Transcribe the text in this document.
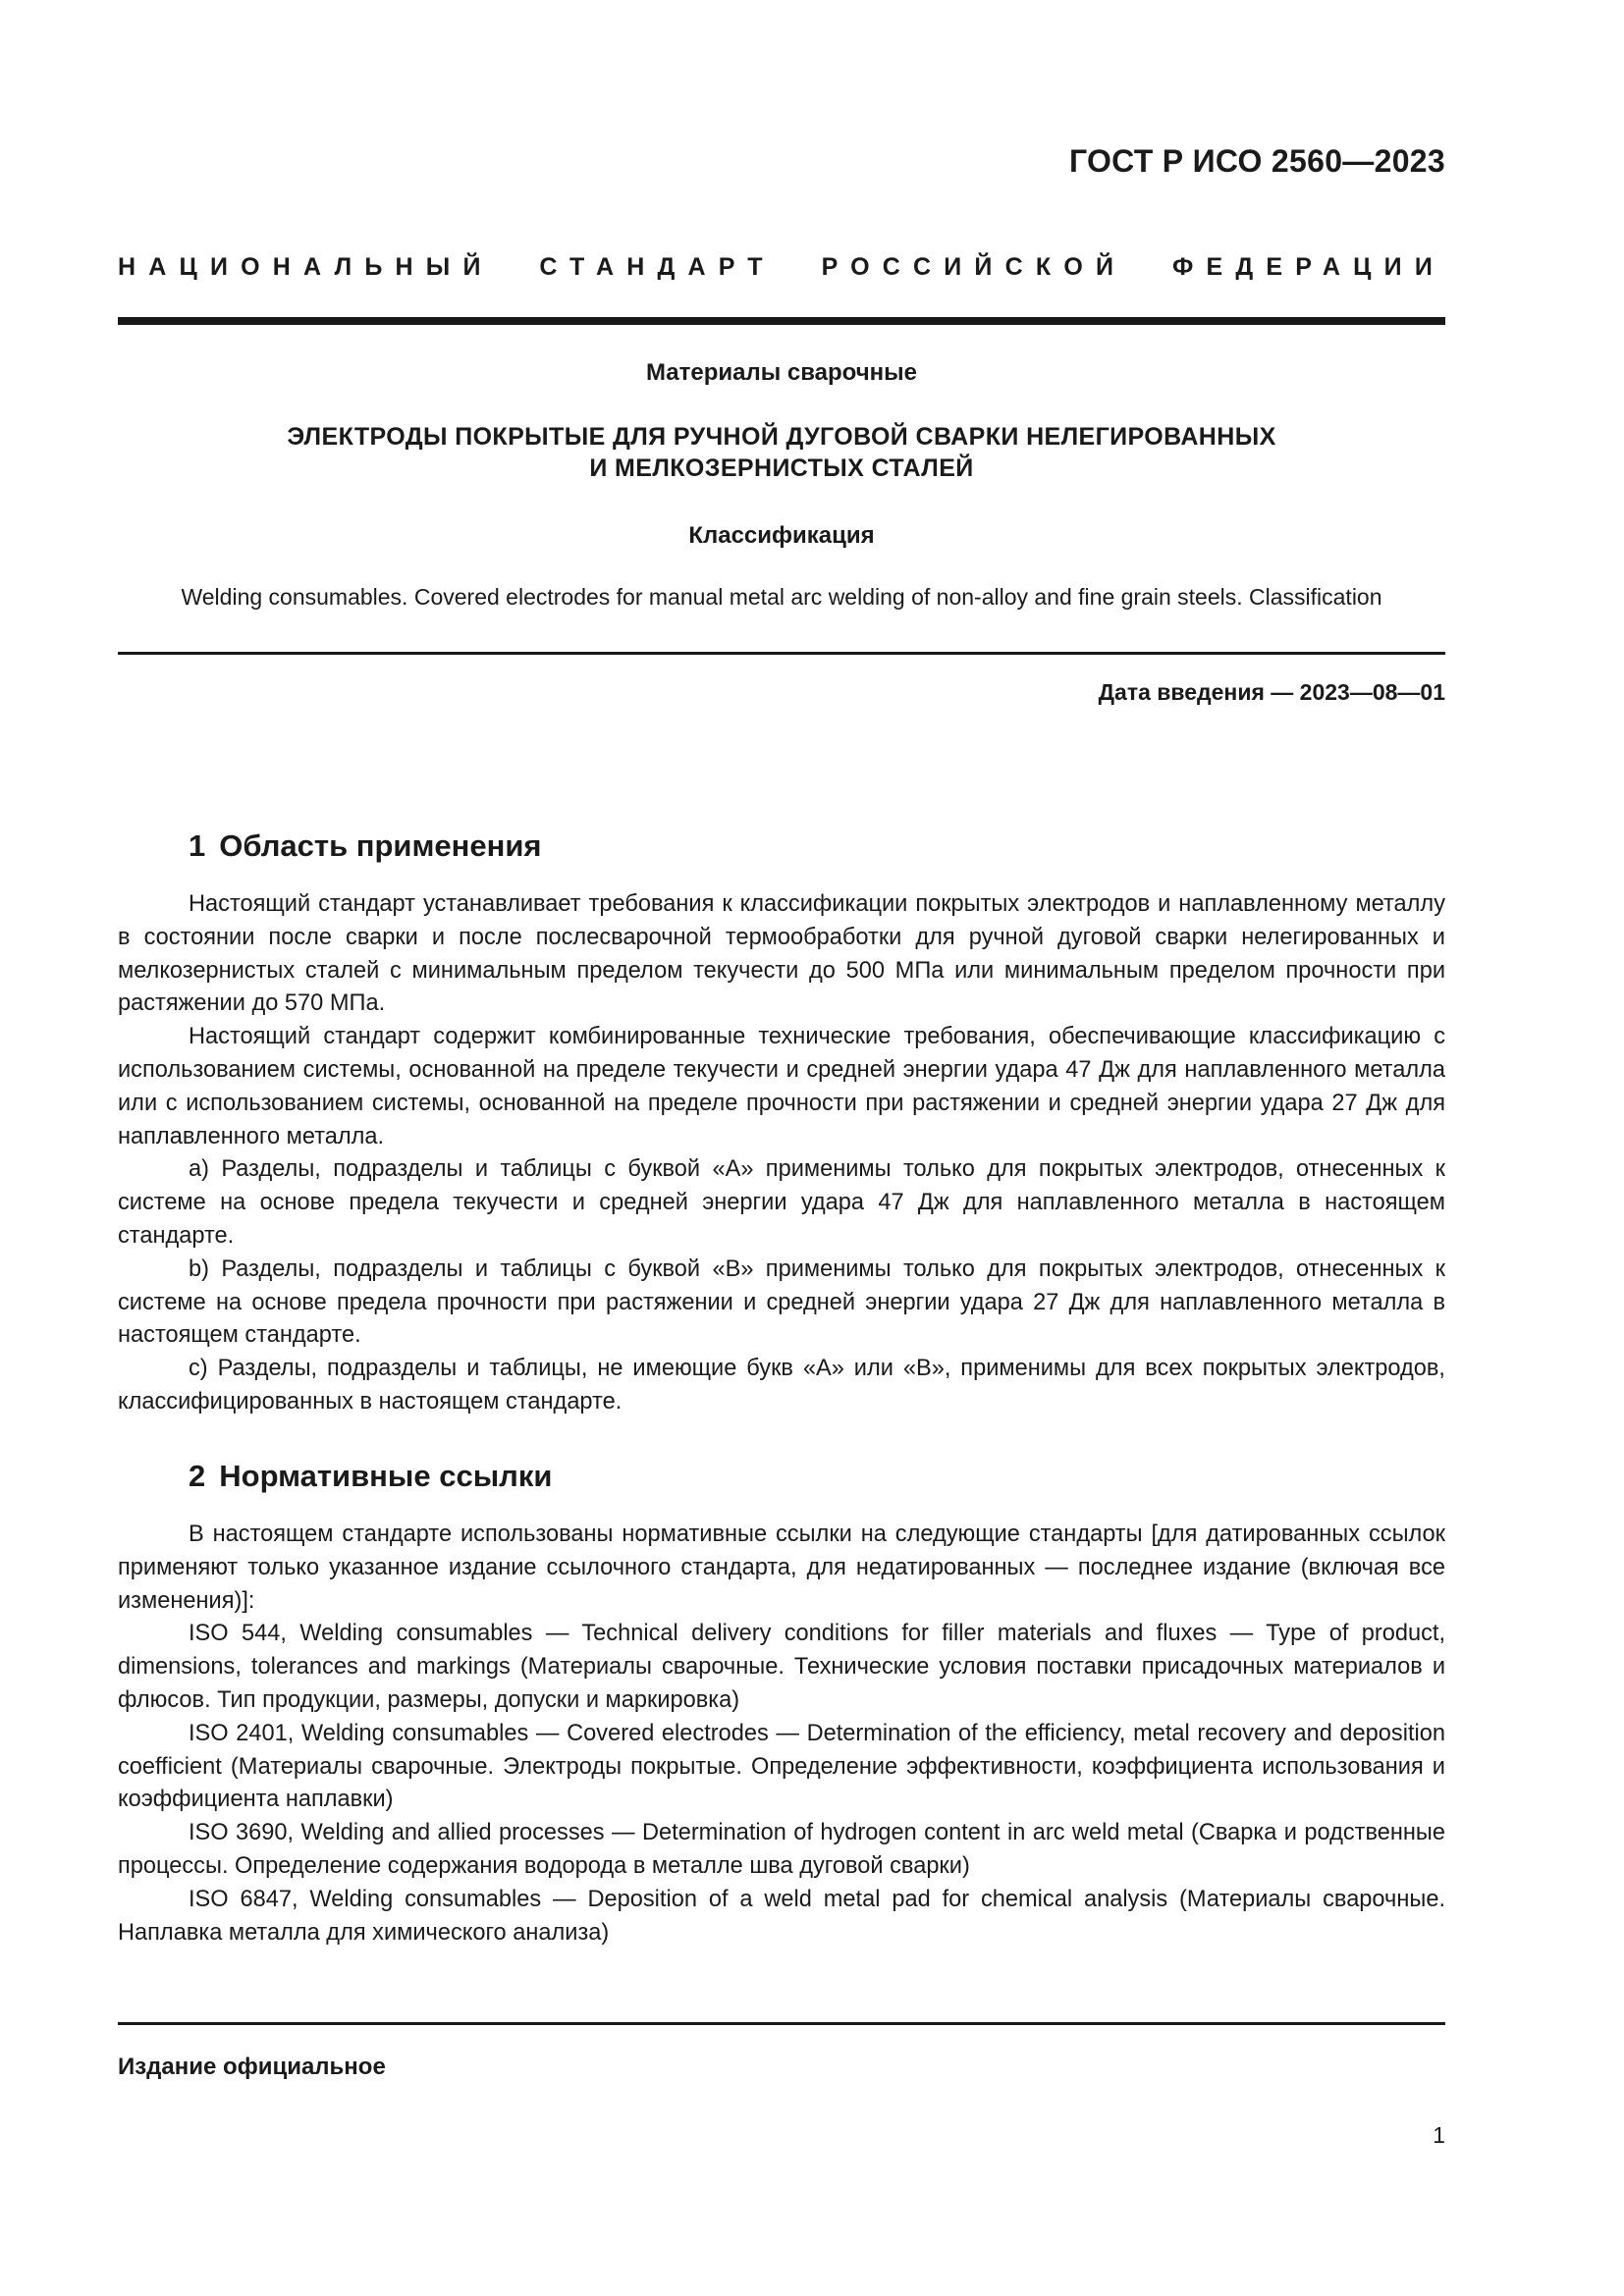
ГОСТ Р ИСО 2560—2023
НАЦИОНАЛЬНЫЙ СТАНДАРТ РОССИЙСКОЙ ФЕДЕРАЦИИ
Материалы сварочные
ЭЛЕКТРОДЫ ПОКРЫТЫЕ ДЛЯ РУЧНОЙ ДУГОВОЙ СВАРКИ НЕЛЕГИРОВАННЫХ
И МЕЛКОЗЕРНИСТЫХ СТАЛЕЙ
Классификация
Welding consumables. Covered electrodes for manual metal arc welding of non-alloy and fine grain steels. Classification
Дата введения — 2023—08—01
1 Область применения

Настоящий стандарт устанавливает требования к классификации покрытых электродов и наплавленному металлу в состоянии после сварки и после послесварочной термообработки для ручной дуговой сварки нелегированных и мелкозернистых сталей с минимальным пределом текучести до 500 МПа или минимальным пределом прочности при растяжении до 570 МПа.

Настоящий стандарт содержит комбинированные технические требования, обеспечивающие классификацию с использованием системы, основанной на пределе текучести и средней энергии удара 47 Дж для наплавленного металла или с использованием системы, основанной на пределе прочности при растяжении и средней энергии удара 27 Дж для наплавленного металла.

a) Разделы, подразделы и таблицы с буквой «А» применимы только для покрытых электродов, отнесенных к системе на основе предела текучести и средней энергии удара 47 Дж для наплавленного металла в настоящем стандарте.

b) Разделы, подразделы и таблицы с буквой «В» применимы только для покрытых электродов, отнесенных к системе на основе предела прочности при растяжении и средней энергии удара 27 Дж для наплавленного металла в настоящем стандарте.

c) Разделы, подразделы и таблицы, не имеющие букв «А» или «В», применимы для всех покрытых электродов, классифицированных в настоящем стандарте.

2 Нормативные ссылки

В настоящем стандарте использованы нормативные ссылки на следующие стандарты [для датированных ссылок применяют только указанное издание ссылочного стандарта, для недатированных — последнее издание (включая все изменения)]:

ISO 544, Welding consumables — Technical delivery conditions for filler materials and fluxes — Type of product, dimensions, tolerances and markings (Материалы сварочные. Технические условия поставки присадочных материалов и флюсов. Тип продукции, размеры, допуски и маркировка)

ISO 2401, Welding consumables — Covered electrodes — Determination of the efficiency, metal recovery and deposition coefficient (Материалы сварочные. Электроды покрытые. Определение эффективности, коэффициента использования и коэффициента наплавки)

ISO 3690, Welding and allied processes — Determination of hydrogen content in arc weld metal (Сварка и родственные процессы. Определение содержания водорода в металле шва дуговой сварки)

ISO 6847, Welding consumables — Deposition of a weld metal pad for chemical analysis (Материалы сварочные. Наплавка металла для химического анализа)

Издание официальное
1
